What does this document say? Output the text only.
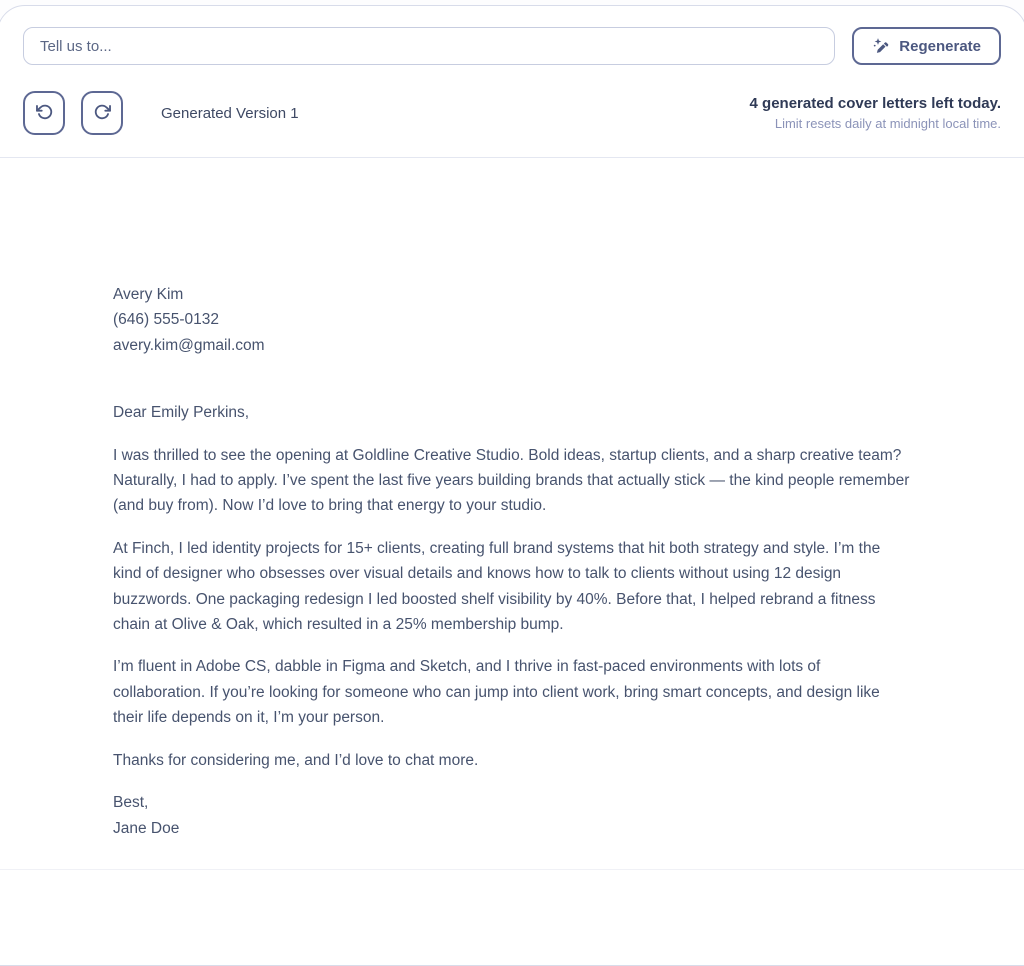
Tell us to...
Regenerate
Generated Version 1
4 generated cover letters left today.
Limit resets daily at midnight local time.
Avery Kim
(646) 555-0132
avery.kim@gmail.com

Dear Emily Perkins,

I was thrilled to see the opening at Goldline Creative Studio. Bold ideas, startup clients, and a sharp creative team? Naturally, I had to apply. I’ve spent the last five years building brands that actually stick — the kind people remember (and buy from). Now I’d love to bring that energy to your studio.

At Finch, I led identity projects for 15+ clients, creating full brand systems that hit both strategy and style. I’m the kind of designer who obsesses over visual details and knows how to talk to clients without using 12 design buzzwords. One packaging redesign I led boosted shelf visibility by 40%. Before that, I helped rebrand a fitness chain at Olive & Oak, which resulted in a 25% membership bump.

I’m fluent in Adobe CS, dabble in Figma and Sketch, and I thrive in fast-paced environments with lots of collaboration. If you’re looking for someone who can jump into client work, bring smart concepts, and design like their life depends on it, I’m your person.

Thanks for considering me, and I’d love to chat more.

Best,
Jane Doe
